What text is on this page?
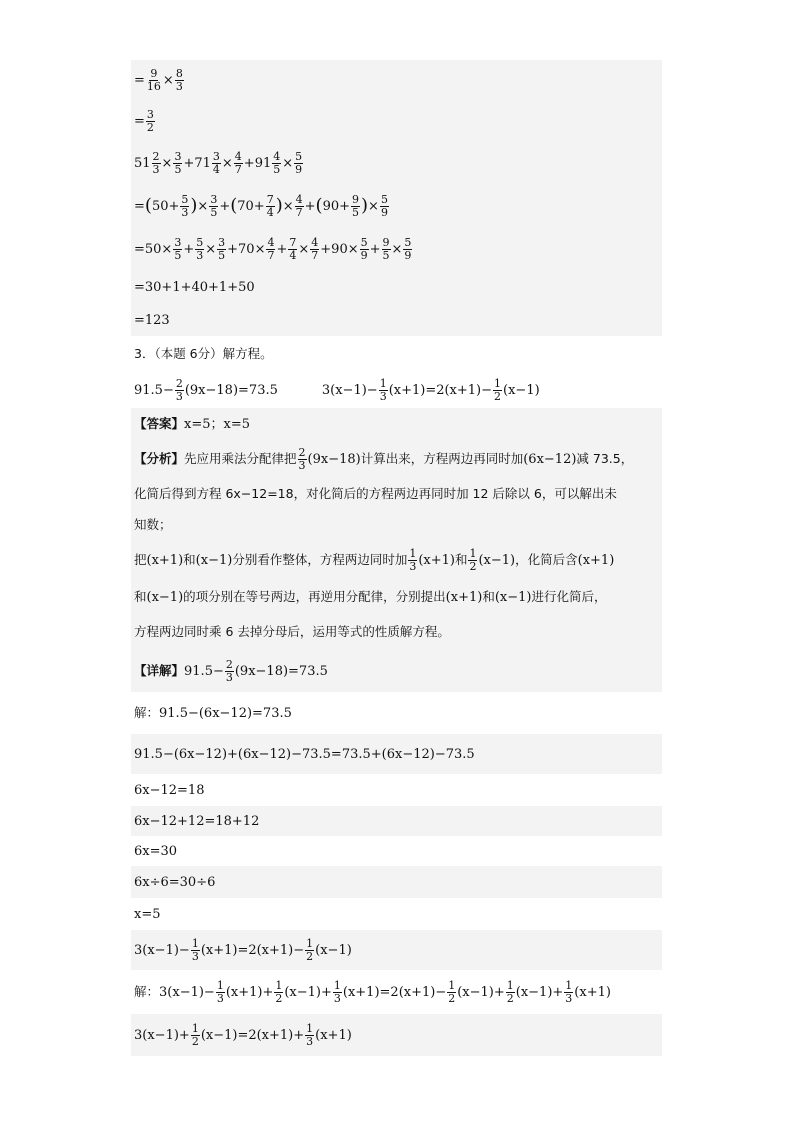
= $\frac{9}{16} \times \frac{8}{3}$
= $\frac{3}{2}$
$51 \frac{2}{3} \times \frac{3}{5} +71 \frac{3}{4} \times \frac{4}{7} +91 \frac{4}{5} \times \frac{5}{9}$
= ( $50+ \frac{5}{3}$ ) × $\frac{3}{5}$ + ( $70+ \frac{7}{4}$ ) × $\frac{4}{7}$ + ( $90+ \frac{9}{5}$ ) × $\frac{5}{9}$
$=50\times \frac{3}{5} + \frac{5}{3} \times \frac{3}{5} +70\times \frac{4}{7} + \frac{7}{4} \times \frac{4}{7} +90\times \frac{5}{9} + \frac{9}{5} \times \frac{5}{9}$
=30+1+40+1+50
=123
3．（本题 6分）解方程。
$91.5- \frac{2}{3} (9x-18)=73.5$	$3(x-1)- \frac{1}{3} (x+1)=2(x+1)- \frac{1}{2} (x-1)$
【答案】 x=5；x=5
【分析】 先应用乘法分配律把 $\frac{2}{3} (9x-18)$ 计算出来，方程两边再同时加 (6x−12) 减 73.5，
化简后得到方程 6x−12=18，对化简后的方程两边再同时加 12 后除以 6，可以解出未
知数；
把 (x+1) 和 (x−1) 分别看作整体，方程两边同时加 $\frac{1}{3} (x+1)$ 和 $\frac{1}{2} (x-1)$ ，化简后含 (x+1)
和 (x−1) 的项分别在等号两边，再逆用分配律，分别提出 (x+1) 和 (x−1) 进行化简后，
方程两边同时乘 6 去掉分母后，运用等式的性质解方程。
【详解】 $91.5- \frac{2}{3} (9x-18)=73.5$
解： 91.5−(6x−12)=73.5
91.5−(6x−12)+(6x−12)−73.5=73.5+(6x−12)−73.5
6x−12=18
6x−12+12=18+12
6x=30
6x÷6=30÷6
x=5
$3(x-1)- \frac{1}{3} (x+1)=2(x+1)- \frac{1}{2} (x-1)$
解： $3(x-1)- \frac{1}{3} (x+1)+ \frac{1}{2} (x-1)+ \frac{1}{3} (x+1)=2(x+1)- \frac{1}{2} (x-1)+ \frac{1}{2} (x-1)+ \frac{1}{3} (x+1)$
$3(x-1)+ \frac{1}{2} (x-1)=2(x+1)+ \frac{1}{3} (x+1)$
